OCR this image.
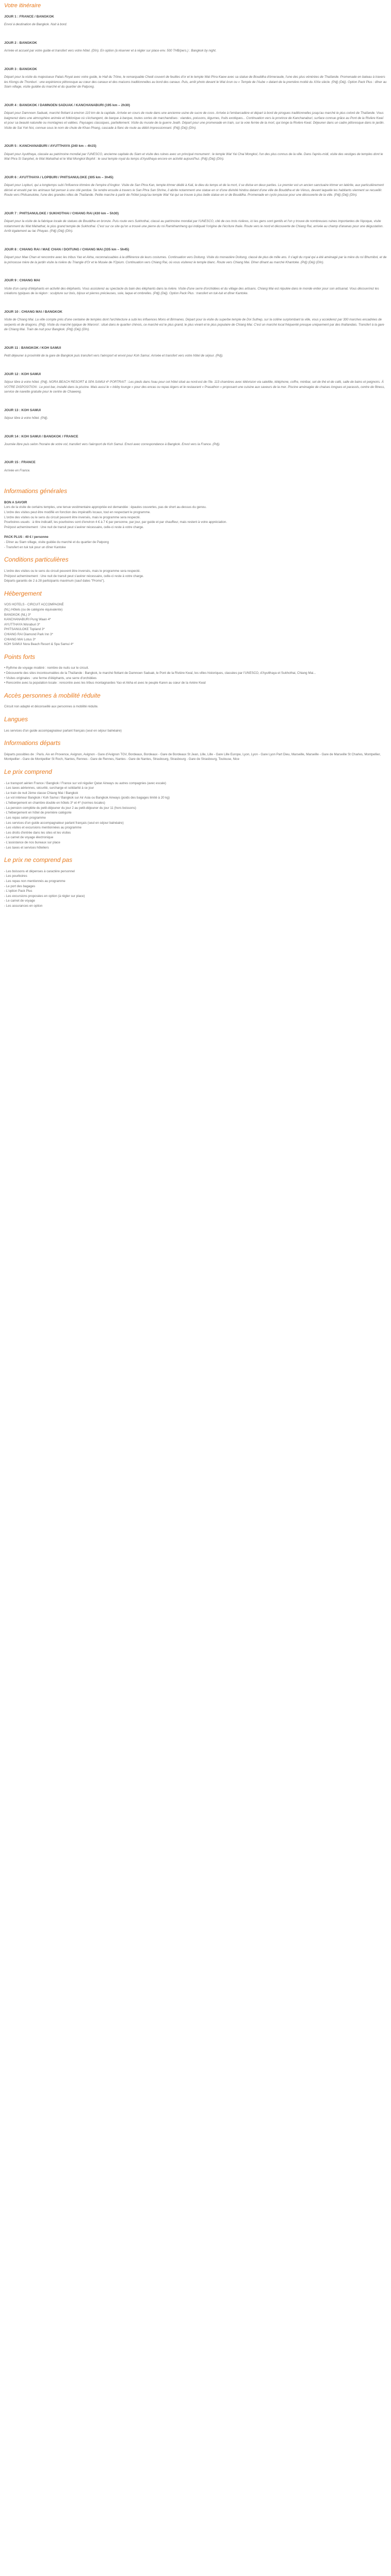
Votre itinéraire
JOUR 1 : FRANCE / BANGKOK
Envol à destination de Bangkok. Nuit à bord.
JOUR 2 : BANGKOK
Arrivée et accueil par votre guide et transfert vers votre hôtel. (Dîn). En option (à réserver et à régler sur place env. 500 THB/pers.) : Bangkok by night.
JOUR 3 : BANGKOK
Départ pour la visite du majestueux Palais Royal avec votre guide, le Hall du Trône, le remarquable Chedi couvert de feuilles d'or et le temple Wat Phra Kaew avec sa statue de Bouddha d'émeraude, l'une des plus vénérées de Thaïlande. Promenade en bateau à travers les Klongs de Thonburi : une expérience pittoresque au cœur des canaux et des maisons traditionnelles au bord des canaux. Puis, arrêt photo devant le Wat Arun ou « Temple de l'Aube » datant de la première moitié du XIXe siècle. (Pdj) (Déj). Option Pack Plus : dîner au Siam village, visite guidée du marché et du quartier de Patpong.
JOUR 4 : BANGKOK / DAMNOEN SADUAK / KANCHANABURI (195 km – 2h30)
Départ pour Damnoen Saduak, marché flottant à environ 110 km de la capitale. Arrivée en cours de route dans une ancienne usine de sucre de coco. Arrivée à l'embarcadère et départ à bord de pirogues traditionnelles jusqu'au marché le plus coloré de Thaïlande. Vous baignerez dans une atmosphère animée et folklorique où s'échangent, de barque à barque, toutes sortes de marchandises : viandes, poissons, légumes, fruits exotiques... Continuation vers la province de Kanchanaburi, surface connue grâce au Pont de la Rivière Kwaï et pour sa beauté naturelle ou montagnes et vallées. Paysages classiques, partiellement. Visite du musée de la guerre Jeath. Départ pour une promenade en train, sur la voie ferrée de la mort, qui longe la Rivière Kwaï. Déjeuner dans un cadre pittoresque dans le jardin. Visite de Sai Yok Noi, connue sous le nom de chute de Khao Phang, cascade à flanc de route au débit impressionnant. (Pdj) (Déj) (Dîn).
JOUR 5 : KANCHANABURI / AYUTTHAYA (240 km – 4h15)
Départ pour Ayutthaya, classée au patrimoine mondial par l'UNESCO, ancienne capitale du Siam et visite des ruines avec un principal monument : le temple Wat Yai Chai Mongkol, l'un des plus connus de la ville. Dans l'après-midi, visite des vestiges de temples dont le Wat Phra Si Sanphet, le Wat Mahathat et le Wat Mongkol Bophit : le seul temple royal du temps d'Ayutthaya encore en activité aujourd'hui. (Pdj) (Déj) (Dîn).
JOUR 6 : AYUTTHAYA / LOPBURI / PHITSANULOKE (305 km – 3h45)
Départ pour Lopburi, qui a longtemps subi l'influence khmère de l'empire d'Angkor. Visite de San Phra Kan, temple khmer dédié à Kali, le dieu du temps et de la mort, il se divise en deux parties. Le premier est un ancien sanctuaire khmer en latérite, aux particulièrement dérivé et envahi par les animaux fait penser à une cité perdue. Se rendre ensuite à travers le San Phra San Shrine, il abrite notamment une statue en or d'une divinité hindou datant d'une ville de Bouddha et de Vénus, devant laquelle les habitants viennent se recueillir. Route vers Phitsanuloke, l'une des grandes villes de Thaïlande. Petite marche à partir de l'hôtel jusqu'au temple Wat Yai qui se trouve à plus belle statue en or de Bouddha. Promenade en cyclo pousse pour une découverte de la ville. (Pdj) (Déj) (Dîn).
JOUR 7 : PHITSANULOKE / SUKHOTHAI / CHIANG RAI (430 km – 5h30)
Départ pour la visite de la fabrique locale de statues de Bouddha en bronze. Puis route vers Sukhothai, classé au patrimoine mondial par l'UNESCO, cité de ces trois rivières, ici les gens sont gentils et l'on y trouve de nombreuses ruines importantes de l'époque, visite notamment du Wat Mahathat, le plus grand temple de Sukhothai. C'est sur ce site qu'on a trouvé une pierre du roi Ramkhamheng qui indiquait l'origine de l'écriture thaïe. Route vers le nord et découverte de Chiang Rai, arrivée au champ d'ananas pour une dégustation. Arrêt également au lac Phayao. (Pdj) (Déj) (Dîn).
JOUR 8 : CHIANG RAI / MAE CHAN / DOITUNG / CHIANG MAI (335 km – 5h45)
Départ pour Mae Chan et rencontre avec les tribus Yao et Akha, reconnaissables à la différence de leurs costumes. Continuation vers Doitung. Visite du monastère Doitung, classé de plus de mille ans. Il s'agit du royal qui a été aménagé par la mère du roi Bhumibol, et de la princesse mère de la jardin visite la rivière du Triangle d'Or et le Musée de l'Opium. Continuation vers Chiang Rai, où vous visiterez le temple blanc. Route vers Chiang Mai. Dîner dînant au marché Khantoke. (Pdj) (Déj) (Dîn).
JOUR 9 : CHIANG MAI
Visite d'un camp d'éléphants en activité des éléphants. Vous assisterez au spectacle du bain des éléphants dans la rivière. Visite d'une serre d'orchidées et du village des artisans. Chiang Mai est réputée dans le monde entier pour son artisanat. Vous découvrirez les créations typiques de la région : sculpture sur bois, bijoux et pierres précieuses, soie, laque et ombrelles. (Pdj) (Déj). Option Pack Plus : transfert en tuk-tuk et dîner Kantoke.
JOUR 10 : CHIANG MAI / BANGKOK
Visite de Chiang Mai. La ville compte près d'une centaine de temples dont l'architecture a subi les influences Mons et Birmanes. Départ pour la visite du superbe temple de Doi Suthep, sur la colline surplombant la ville, vous y accéderez par 300 marches encadrées de serpents et de dragons. (Pdj). Visite du marché typique de Warorot : situé dans le quartier chinois, ce marché est le plus grand, le plus vivant et le plus populaire de Chiang Mai. C'est un marché local fréquenté presque uniquement par des thaïlandais. Transfert à la gare de Chiang Mai. Train de nuit pour Bangkok. (Pdj) (Déj) (Dîn).
JOUR 11 : BANGKOK / KOH SAMUI
Petit déjeuner à proximité de la gare de Bangkok puis transfert vers l'aéroport et envol pour Koh Samui. Arrivée et transfert vers votre hôtel de séjour. (Pdj).
JOUR 12 : KOH SAMUI
Séjour libre à votre hôtel. (Pdj). NORA BEACH RESORT & SPA SAMUI 4* PORTRAIT : Les pieds dans l'eau pour cet hôtel situé au nord-est de l'île. 113 chambres avec télévision via satellite, téléphone, coffre, minibar, set de thé et de café, salle de bains et peignoirs. À VOTRE DISPOSITION : Le pool bar, installé dans la piscine. Mais aussi le « lobby lounge » pour des encas ou repas légers et le restaurant « Prasathon » proposant une cuisine aux saveurs de la mer. Piscine aménagée de chaises longues et parasols, centre de fitness, service de navette gratuite pour le centre de Chaweng.
JOUR 13 : KOH SAMUI
Séjour libre à votre hôtel. (Pdj).
JOUR 14 : KOH SAMUI / BANGKOK / FRANCE
Journée libre puis selon l'horaire de votre vol, transfert vers l'aéroport de Koh Samui. Envol avec correspondance à Bangkok. Envol vers la France. (Pdj).
JOUR 15 : FRANCE
Arrivée en France.
Informations générales
BON A SAVOIR
Lors de la visite de certains temples, une tenue vestimentaire appropriée est demandée : épaules couvertes, pas de short au-dessus du genou.
L'ordre des visites peut être modifié en fonction des impératifs locaux, tout en respectant le programme.
L'ordre des visites ou le sens du circuit peuvent être inversés, mais le programme sera respecté.
Pourboires usuels : à titre indicatif, les pourboires sont d'environ 4 € à 7 € par personne, par jour, par guide et par chauffeur, mais restent à votre appréciation.
Pré/post acheminement : Une nuit de transit peut s'avérer nécessaire, celle-ci reste à votre charge.
PACK PLUS : 40 € / personne
- Dîner au Siam village, visite guidée du marché et du quartier de Patpong
- Transfert en tuk tuk pour un dîner Kantoke
Conditions particulières
L'ordre des visites ou le sens du circuit peuvent être inversés, mais le programme sera respecté.
Pré/post acheminement : Une nuit de transit peut s'avérer nécessaire, celle-ci reste à votre charge.
Départs garantis de 2 à 28 participants maximum (sauf dates "Promo").
Hébergement
VOS HOTELS - CIRCUIT ACCOMPAGNÉ
(NL) Hôtels (ou de catégorie équivalente)
BANGKOK (NL) 3*
KANCHANABURI Pung Waan 4*
AYUTTHAYA Woraburi 3*
PHITSANULOKE Topland 3*
CHIANG RAI Diamond Park Inn 3*
CHIANG MAI Lotus 3*
KOH SAMUI Nora Beach Resort & Spa Samui 4*
Points forts
• Rythme de voyage modéré : nombre de nuits sur le circuit.
• Découverte des sites incontournables de la Thaïlande : Bangkok, le marché flottant de Damnoen Saduak, le Pont de la Rivière Kwaï, les villes historiques, classées par l'UNESCO, d'Ayutthaya et Sukhothai, Chiang Mai...
• Visites originales : une ferme d'éléphants, une serre d'orchidées
• Rencontre avec la population locale : rencontre avec les tribus montagnardes Yao et Akha et avec le peuple Karen au cœur de la rivière Kwaï
Accès personnes à mobilité réduite
Circuit non adapté et déconseillé aux personnes à mobilité réduite.
Langues
Les services d'un guide accompagnateur parlant français (seul en séjour balnéaire)
Informations départs
Départs possibles de : Paris. Aix en Provence, Avignon, Avignon - Gare d'Avignon TGV, Bordeaux, Bordeaux - Gare de Bordeaux St Jean, Lille, Lille - Gare Lille Europe, Lyon, Lyon - Gare Lyon Part Dieu, Marseille, Marseille - Gare de Marseille St Charles, Montpellier, Montpellier - Gare de Montpellier St Roch, Nantes, Rennes - Gare de Rennes, Nantes - Gare de Nantes, Strasbourg, Strasbourg - Gare de Strasbourg, Toulouse, Nice
Le prix comprend
- Le transport aérien France / Bangkok / France sur vol régulier Qatar Airways ou autres compagnies (avec escale)
- Les taxes aériennes, sécurité, surcharge et solidarité à ce jour
- Le train de nuit 2ème classe Chiang Mai / Bangkok
- Le vol intérieur Bangkok / Koh Samui / Bangkok sur Air Asia ou Bangkok Airways (poids des bagages limité à 20 kg)
- L'hébergement en chambre double en hôtels 3* et 4* (normes locales)
- La pension complète du petit-déjeuner du jour 2 au petit-déjeuner du jour 11 (hors boissons)
- L'hébergement en hôtel de première catégorie
- Les repas selon programme
- Les services d'un guide accompagnateur parlant français (seul en séjour balnéaire)
- Les visites et excursions mentionnées au programme
- Les droits d'entrée dans les sites et les visites
- Le carnet de voyage électronique
- L'assistance de nos bureaux sur place
- Les taxes et services hôteliers
Le prix ne comprend pas
- Les boissons et dépenses à caractère personnel
- Les pourboires
- Les repas non mentionnés au programme
- Le port des bagages
- L'option Pack Plus
- Les excursions proposées en option (à régler sur place)
- Le carnet de voyage
- Les assurances en option
